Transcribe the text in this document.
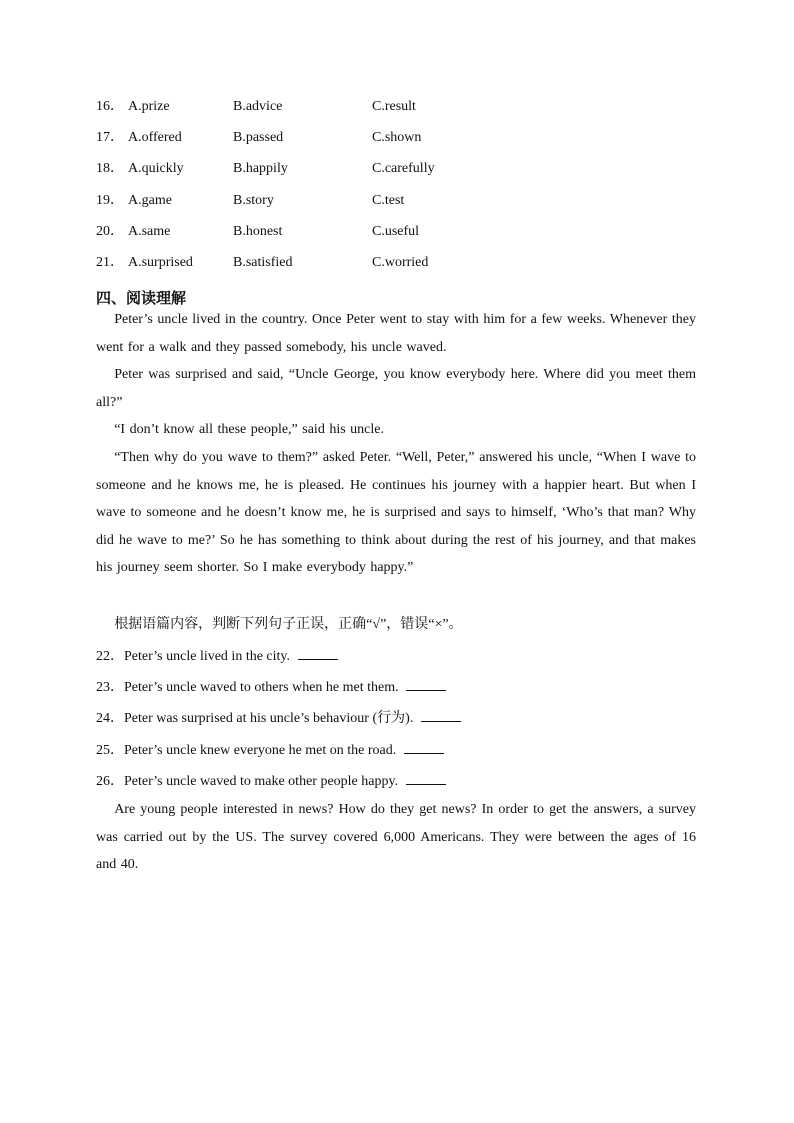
16． A.prize	B.advice	C.result
17． A.offered	B.passed	C.shown
18． A.quickly	B.happily	C.carefully
19． A.game	B.story	C.test
20． A.same	B.honest	C.useful
21． A.surprised	B.satisfied	C.worried
四、阅读理解

Peter’s uncle lived in the country. Once Peter went to stay with him for a few weeks. Whenever they went for a walk and they passed somebody, his uncle waved.

Peter was surprised and said, “Uncle George, you know everybody here. Where did you meet them all?”

“I don’t know all these people,” said his uncle.

“Then why do you wave to them?” asked Peter. “Well, Peter,” answered his uncle, “When I wave to someone and he knows me, he is pleased. He continues his journey with a happier heart. But when I wave to someone and he doesn’t know me, he is surprised and says to himself, ‘Who’s that man? Why did he wave to me?’ So he has something to think about during the rest of his journey, and that makes his journey seem shorter. So I make everybody happy.”

根据语篇内容，判断下列句子正误，正确“√”，错误“×”。
22．Peter’s uncle lived in the city.
23．Peter’s uncle waved to others when he met them.
24．Peter was surprised at his uncle’s behaviour (行为).
25．Peter’s uncle knew everyone he met on the road.
26．Peter’s uncle waved to make other people happy.

Are young people interested in news? How do they get news? In order to get the answers, a survey was carried out by the US. The survey covered 6,000 Americans. They were between the ages of 16 and 40.
